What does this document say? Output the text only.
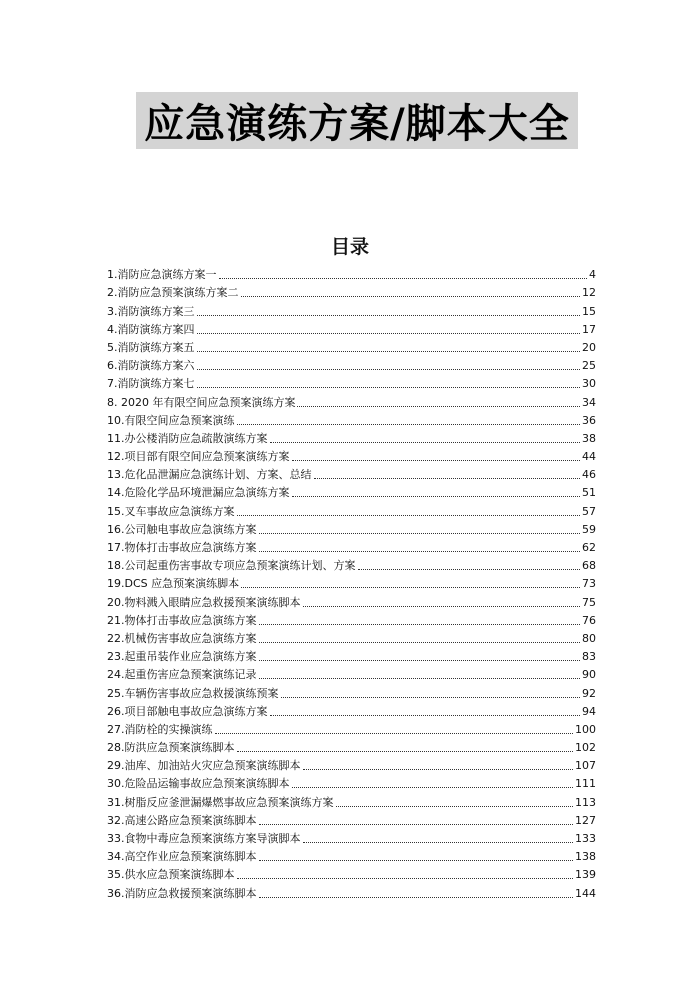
应急演练方案/脚本大全
目录
1.消防应急演练方案一	4
2.消防应急预案演练方案二	12
3.消防演练方案三	15
4.消防演练方案四	17
5.消防演练方案五	20
6.消防演练方案六	25
7.消防演练方案七	30
8. 2020 年有限空间应急预案演练方案	34
10.有限空间应急预案演练	36
11.办公楼消防应急疏散演练方案	38
12.项目部有限空间应急预案演练方案	44
13.危化品泄漏应急演练计划、方案、总结	46
14.危险化学品环境泄漏应急演练方案	51
15.叉车事故应急演练方案	57
16.公司触电事故应急演练方案	59
17.物体打击事故应急演练方案	62
18.公司起重伤害事故专项应急预案演练计划、方案	68
19.DCS 应急预案演练脚本	73
20.物料溅入眼睛应急救援预案演练脚本	75
21.物体打击事故应急演练方案	76
22.机械伤害事故应急演练方案	80
23.起重吊装作业应急演练方案	83
24.起重伤害应急预案演练记录	90
25.车辆伤害事故应急救援演练预案	92
26.项目部触电事故应急演练方案	94
27.消防栓的实操演练	100
28.防洪应急预案演练脚本	102
29.油库、加油站火灾应急预案演练脚本	107
30.危险品运输事故应急预案演练脚本	111
31.树脂反应釜泄漏爆燃事故应急预案演练方案	113
32.高速公路应急预案演练脚本	127
33.食物中毒应急预案演练方案导演脚本	133
34.高空作业应急预案演练脚本	138
35.供水应急预案演练脚本	139
36.消防应急救援预案演练脚本	144
